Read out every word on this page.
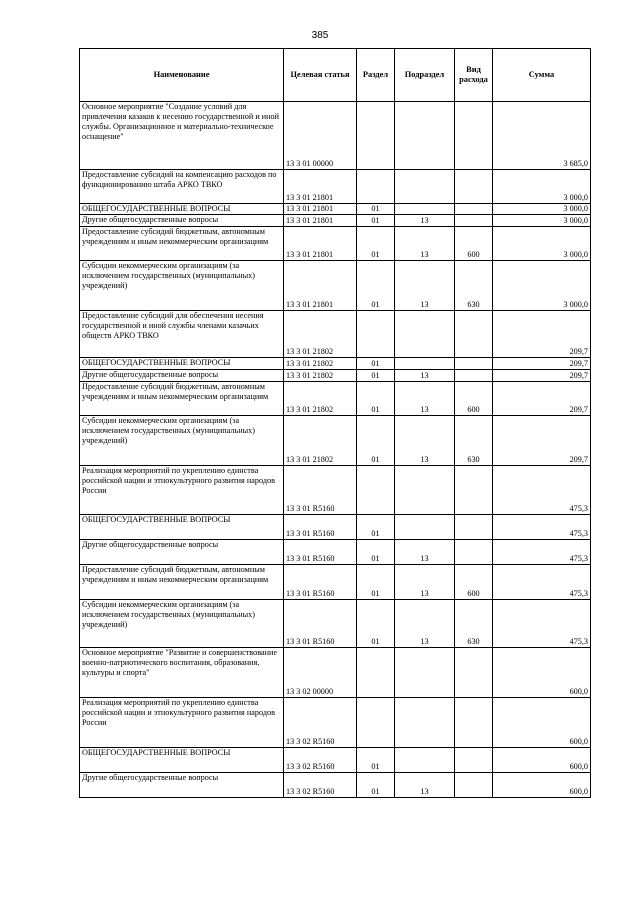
385
Наименование	Целевая статья	Раздел	Подраздел	Вид расхода	Сумма
Основное мероприятие "Создание условий для привлечения казаков к несению государственной и иной службы. Организационное и материально-техническое оснащение"	13 3 01 00000				3 685,0
Предоставление субсидий на компенсацию расходов по функционированию штаба АРКО ТВКО	13 3 01 21801				3 000,0
ОБЩЕГОСУДАРСТВЕННЫЕ ВОПРОСЫ	13 3 01 21801	01			3 000,0
Другие общегосударственные вопросы	13 3 01 21801	01	13		3 000,0
Предоставление субсидий бюджетным, автономным учреждениям и иным некоммерческим организациям	13 3 01 21801	01	13	600	3 000,0
Субсидии некоммерческим организациям (за исключением государственных (муниципальных) учреждений)	13 3 01 21801	01	13	630	3 000,0
Предоставление субсидий для обеспечения несения государственной и иной службы членами казачьих обществ АРКО ТВКО	13 3 01 21802				209,7
ОБЩЕГОСУДАРСТВЕННЫЕ ВОПРОСЫ	13 3 01 21802	01			209,7
Другие общегосударственные вопросы	13 3 01 21802	01	13		209,7
Предоставление субсидий бюджетным, автономным учреждениям и иным некоммерческим организациям	13 3 01 21802	01	13	600	209,7
Субсидии некоммерческим организациям (за исключением государственных (муниципальных) учреждений)	13 3 01 21802	01	13	630	209,7
Реализация мероприятий по укреплению единства российской нации и этнокультурного развития народов России	13 3 01 R5160				475,3
ОБЩЕГОСУДАРСТВЕННЫЕ ВОПРОСЫ	13 3 01 R5160	01			475,3
Другие общегосударственные вопросы	13 3 01 R5160	01	13		475,3
Предоставление субсидий бюджетным, автономным учреждениям и иным некоммерческим организациям	13 3 01 R5160	01	13	600	475,3
Субсидии некоммерческим организациям (за исключением государственных (муниципальных) учреждений)	13 3 01 R5160	01	13	630	475,3
Основное мероприятие "Развитие и совершенствование военно-патриотического воспитания, образования, культуры и спорта"	13 3 02 00000				600,0
Реализация мероприятий по укреплению единства российской нации и этнокультурного развития народов России	13 3 02 R5160				600,0
ОБЩЕГОСУДАРСТВЕННЫЕ ВОПРОСЫ	13 3 02 R5160	01			600,0
Другие общегосударственные вопросы	13 3 02 R5160	01	13		600,0
